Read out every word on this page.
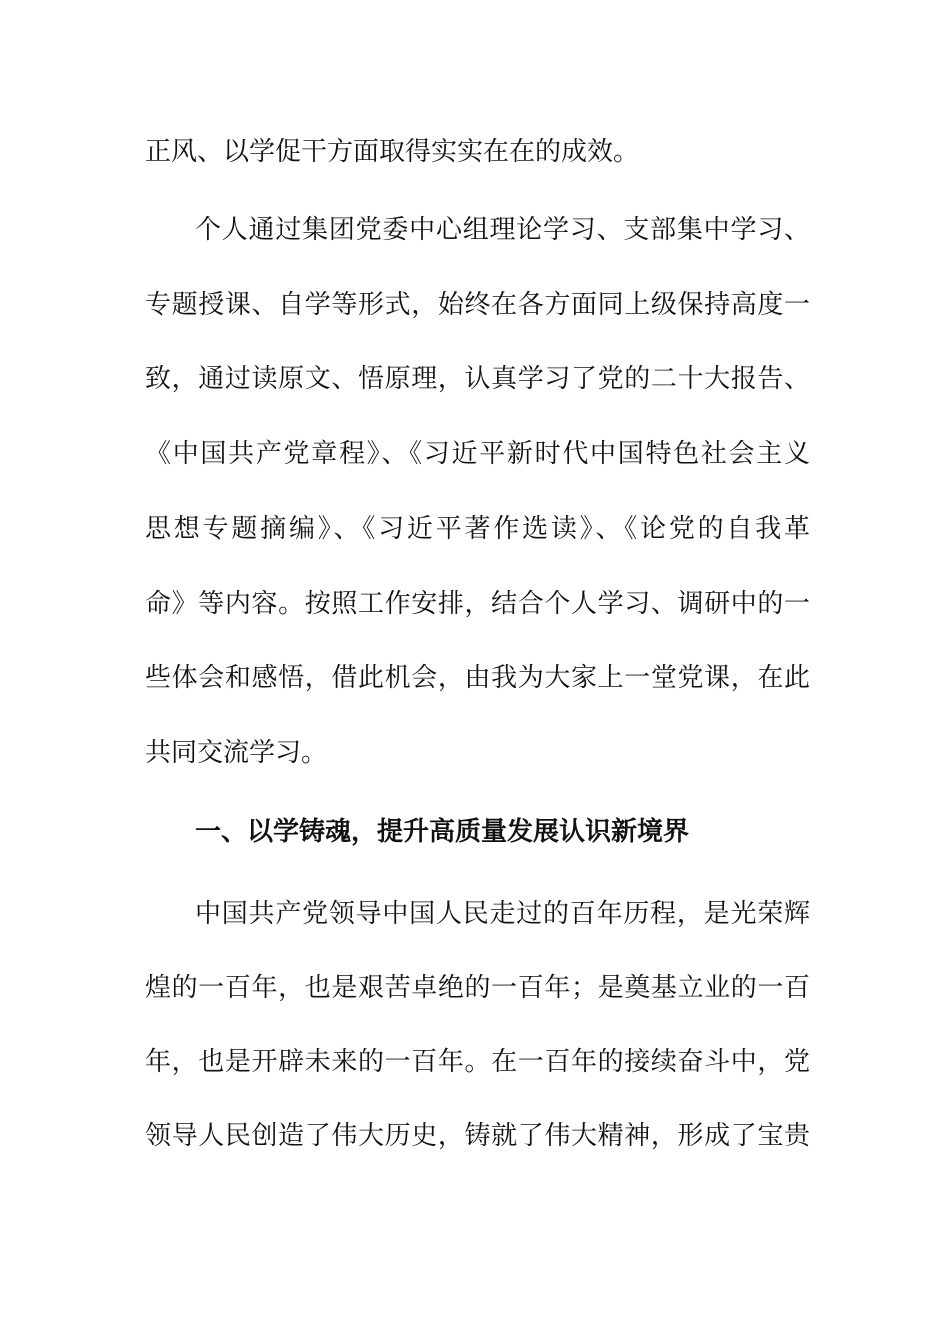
正风、以学促干方面取得实实在在的成效。
个人通过集团党委中心组理论学习、支部集中学习、
专题授课、自学等形式，始终在各方面同上级保持高度一
致，通过读原文、悟原理，认真学习了党的二十大报告、
《中国共产党章程》、《习近平新时代中国特色社会主义
思想专题摘编》、《习近平著作选读》、《论党的自我革
命》等内容。按照工作安排，结合个人学习、调研中的一
些体会和感悟，借此机会，由我为大家上一堂党课，在此
共同交流学习。
一、以学铸魂，提升高质量发展认识新境界
中国共产党领导中国人民走过的百年历程，是光荣辉
煌的一百年，也是艰苦卓绝的一百年；是奠基立业的一百
年，也是开辟未来的一百年。在一百年的接续奋斗中，党
领导人民创造了伟大历史，铸就了伟大精神，形成了宝贵
